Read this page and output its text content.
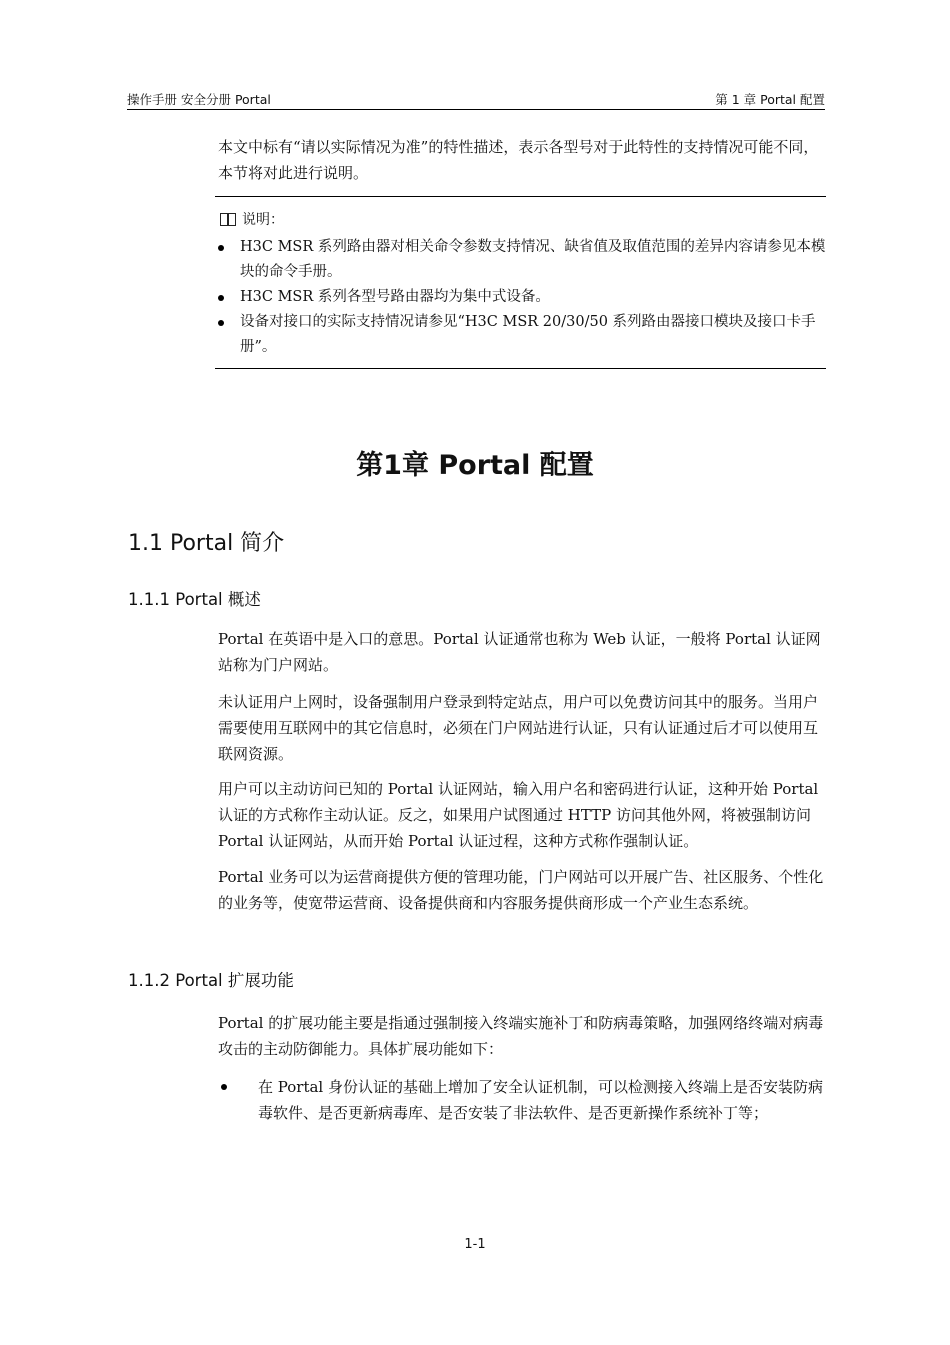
操作手册 安全分册 Portal	第 1 章 Portal 配置

本文中标有“请以实际情况为准”的特性描述，表示各型号对于此特性的支持情况可能不同，本节将对此进行说明。

说明：
H3C MSR 系列路由器对相关命令参数支持情况、缺省值及取值范围的差异内容请参见本模块的命令手册。
H3C MSR 系列各型号路由器均为集中式设备。
设备对接口的实际支持情况请参见“H3C MSR 20/30/50 系列路由器接口模块及接口卡手册”。
第1章 Portal 配置
1.1 Portal 简介
1.1.1 Portal 概述

Portal 在英语中是入口的意思。Portal 认证通常也称为 Web 认证，一般将 Portal 认证网站称为门户网站。

未认证用户上网时，设备强制用户登录到特定站点，用户可以免费访问其中的服务。当用户需要使用互联网中的其它信息时，必须在门户网站进行认证，只有认证通过后才可以使用互联网资源。

用户可以主动访问已知的 Portal 认证网站，输入用户名和密码进行认证，这种开始 Portal 认证的方式称作主动认证。反之，如果用户试图通过 HTTP 访问其他外网，将被强制访问 Portal 认证网站，从而开始 Portal 认证过程，这种方式称作强制认证。

Portal 业务可以为运营商提供方便的管理功能，门户网站可以开展广告、社区服务、个性化的业务等，使宽带运营商、设备提供商和内容服务提供商形成一个产业生态系统。

1.1.2 Portal 扩展功能

Portal 的扩展功能主要是指通过强制接入终端实施补丁和防病毒策略，加强网络终端对病毒攻击的主动防御能力。具体扩展功能如下：

在 Portal 身份认证的基础上增加了安全认证机制，可以检测接入终端上是否安装防病毒软件、是否更新病毒库、是否安装了非法软件、是否更新操作系统补丁等；

1-1
